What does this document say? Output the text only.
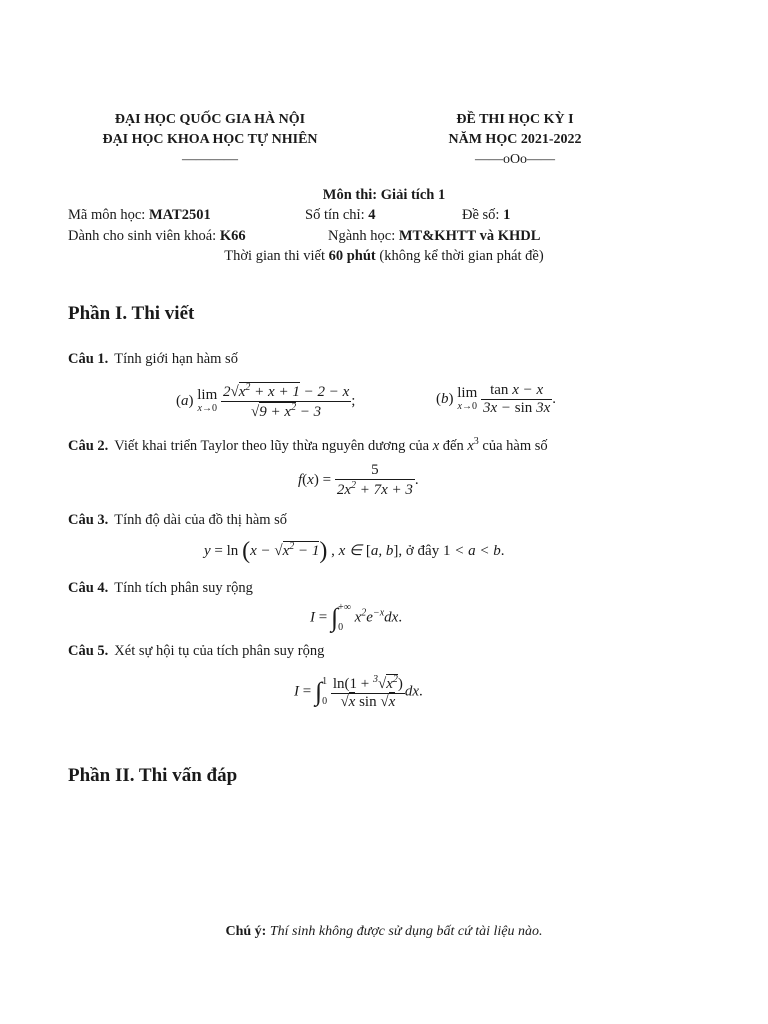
ĐẠI HỌC QUỐC GIA HÀ NỘI
ĐẠI HỌC KHOA HỌC TỰ NHIÊN
————
ĐỀ THI HỌC KỲ I
NĂM HỌC 2021-2022
——oOo——
Môn thi: Giải tích 1
Mã môn học: MAT2501	Số tín chỉ: 4	Đề số: 1
Dành cho sinh viên khoá: K66	Ngành học: MT&KHTT và KHDL
Thời gian thi viết 60 phút (không kể thời gian phát đề)
Phần I. Thi viết
Câu 1. Tính giới hạn hàm số
(a) lim
x→0
$\frac{2√x^2 + x + 1 - 2 - x}{√9 + x^2 - 3}$ ;	(b) lim
x→0
$\frac{\text{tan x − x}}{3x - \sin 3x}$ .
Câu 2. Viết khai triển Taylor theo lũy thừa nguyên dương của x đến $x^3$ của hàm số
$f(x) = \frac{5}{2x^2 + 7x + 3}$ .
Câu 3. Tính độ dài của đồ thị hàm số
$y = \ln (x - √x^2 - 1)$ , x ∈ [a, b], ở đây 1 < a < b.
Câu 4. Tính tích phân suy rộng
I = ∫ +∞
0
$x^2e^{-x}dx$.
Câu 5. Xét sự hội tụ của tích phân suy rộng
I = ∫ 1
0
$\frac{\ln(1 + ^3√x^2)}{\text{√x sin √x}}$ dx.
Phần II. Thi vấn đáp
Chú ý: Thí sinh không được sử dụng bất cứ tài liệu nào.
